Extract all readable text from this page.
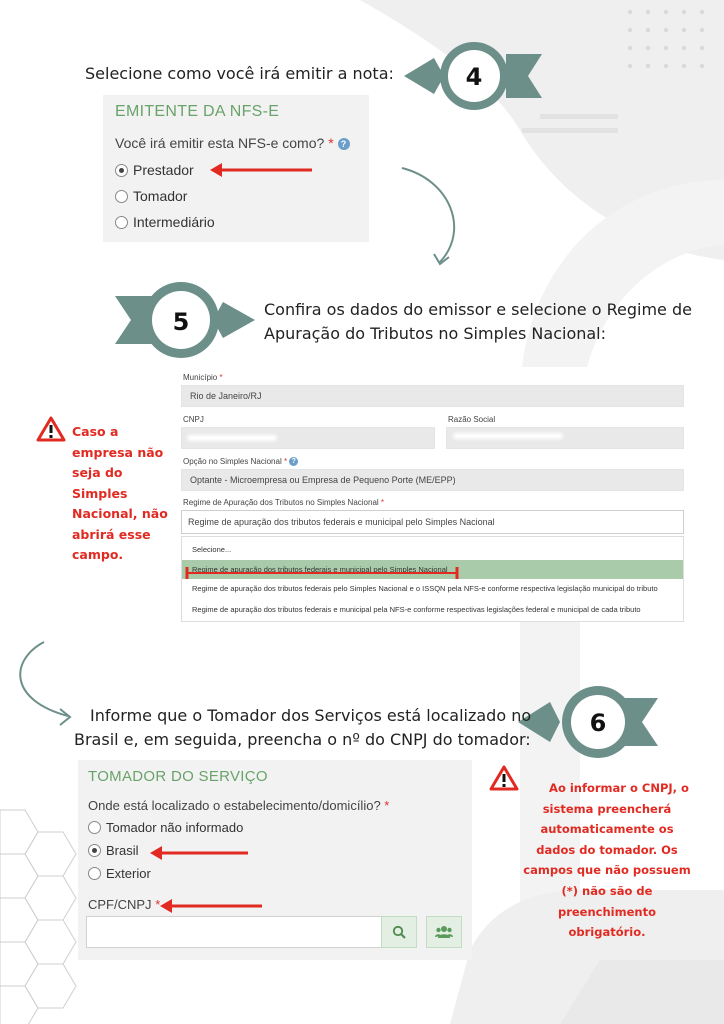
4
Selecione como você irá emitir a nota:
EMITENTE DA NFS-E
Você irá emitir esta NFS-e como? * ?
Prestador
Tomador
Intermediário
5	Confira os dados do emissor e selecione o Regime de
Apuração do Tributos no Simples Nacional:
Caso a
empresa não
seja do
Simples
Nacional, não
abrirá esse
campo.
Município *
Rio de Janeiro/RJ
CNPJ	Razão Social
Opção no Simples Nacional * ?
Optante - Microempresa ou Empresa de Pequeno Porte (ME/EPP)
Regime de Apuração dos Tributos no Simples Nacional *
Regime de apuração dos tributos federais e municipal pelo Simples Nacional
Selecione...
Regime de apuração dos tributos federais e municipal pelo Simples Nacional
Regime de apuração dos tributos federais pelo Simples Nacional e o ISSQN pela NFS-e conforme respectiva legislação municipal do tributo
Regime de apuração dos tributos federais e municipal pela NFS-e conforme respectivas legislações federal e municipal de cada tributo
6
Informe que o Tomador dos Serviços está localizado no
Brasil e, em seguida, preencha o nº do CNPJ do tomador:
TOMADOR DO SERVIÇO
Onde está localizado o estabelecimento/domicílio? *
Tomador não informado
Brasil
Exterior
CPF/CNPJ *
Ao informar o CNPJ, o
sistema preencherá
automaticamente os
dados do tomador. Os
campos que não possuem
(*) não são de
preenchimento
obrigatório.
